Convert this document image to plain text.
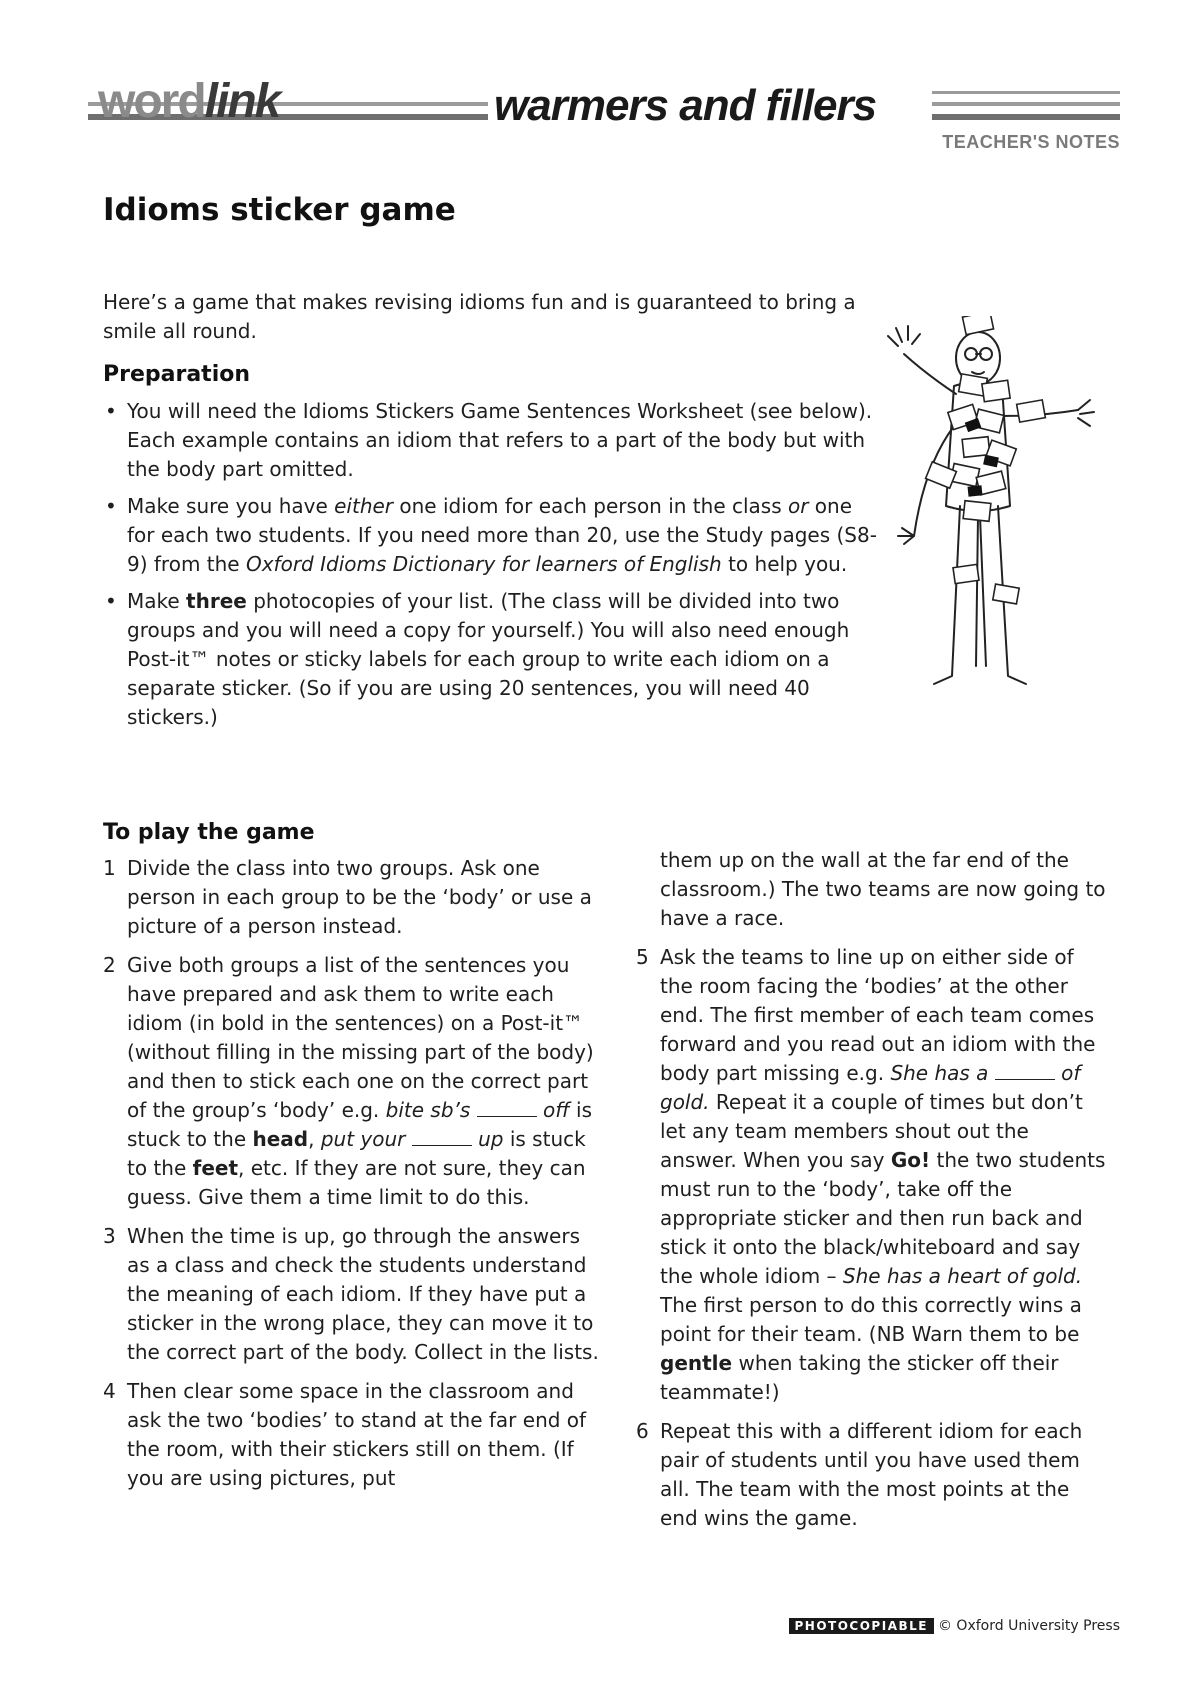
wordlink	warmers and fillers
TEACHER'S NOTES
Idioms sticker game
Here’s a game that makes revising idioms fun and is guaranteed to bring a smile all round.
Preparation
• You will need the Idioms Stickers Game Sentences Worksheet (see below). Each example contains an idiom that refers to a part of the body but with the body part omitted.
• Make sure you have either one idiom for each person in the class or one for each two students. If you need more than 20, use the Study pages (S8-9) from the Oxford Idioms Dictionary for learners of English to help you.
• Make three photocopies of your list. (The class will be divided into two groups and you will need a copy for yourself.) You will also need enough Post-it™ notes or sticky labels for each group to write each idiom on a separate sticker. (So if you are using 20 sentences, you will need 40 stickers.)
To play the game
1 Divide the class into two groups. Ask one person in each group to be the ‘body’ or use a picture of a person instead.
2 Give both groups a list of the sentences you have prepared and ask them to write each idiom (in bold in the sentences) on a Post-it™ (without filling in the missing part of the body) and then to stick each one on the correct part of the group’s ‘body’ e.g. bite sb’s	off is stuck to the head, put your	up is stuck to the feet, etc. If they are not sure, they can guess. Give them a time limit to do this.
3 When the time is up, go through the answers as a class and check the students understand the meaning of each idiom. If they have put a sticker in the wrong place, they can move it to the correct part of the body. Collect in the lists.
4 Then clear some space in the classroom and ask the two ‘bodies’ to stand at the far end of the room, with their stickers still on them. (If you are using pictures, put
them up on the wall at the far end of the classroom.) The two teams are now going to have a race.
5 Ask the teams to line up on either side of the room facing the ‘bodies’ at the other end. The first member of each team comes forward and you read out an idiom with the body part missing e.g. She has a	of gold. Repeat it a couple of times but don’t let any team members shout out the answer. When you say Go! the two students must run to the ‘body’, take off the appropriate sticker and then run back and stick it onto the black/whiteboard and say the whole idiom – She has a heart of gold. The first person to do this correctly wins a point for their team. (NB Warn them to be gentle when taking the sticker off their teammate!)
6 Repeat this with a different idiom for each pair of students until you have used them all. The team with the most points at the end wins the game.
PHOTOCOPIABLE © Oxford University Press
